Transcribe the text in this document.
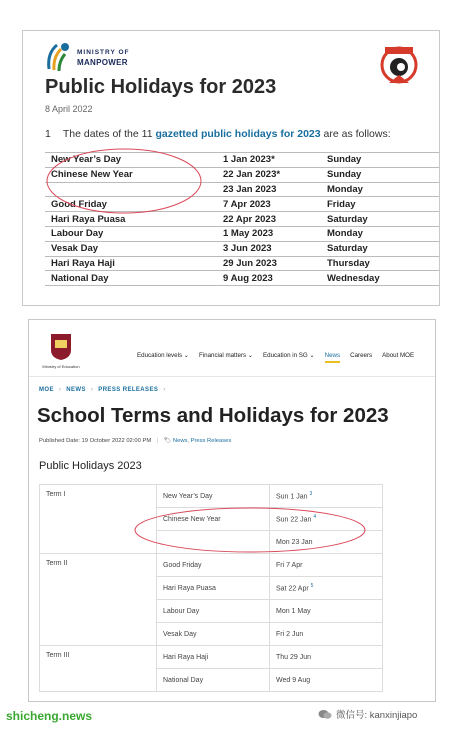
MINISTRY OF
MANPOWER
Public Holidays for 2023
8 April 2022
1 The dates of the 11 gazetted public holidays for 2023 are as follows:
New Year’s Day	1 Jan 2023*	Sunday
Chinese New Year	22 Jan 2023*	Sunday
	23 Jan 2023	Monday
Good Friday	7 Apr 2023	Friday
Hari Raya Puasa	22 Apr 2023	Saturday
Labour Day	1 May 2023	Monday
Vesak Day	3 Jun 2023	Saturday
Hari Raya Haji	29 Jun 2023	Thursday
National Day	9 Aug 2023	Wednesday
Ministry of Education
Education levels ⌄ Financial matters ⌄ Education in SG ⌄ News Careers About MOE
MOE › NEWS › PRESS RELEASES ›
School Terms and Holidays for 2023
Published Date: 19 October 2022 02:00 PM | 🏷 News, Press Releases
Public Holidays 2023
Term I	New Year’s Day	Sun 1 Jan $^3$
	Chinese New Year	Sun 22 Jan $^4$
		Mon 23 Jan
Term II	Good Friday	Fri 7 Apr
	Hari Raya Puasa	Sat 22 Apr $^5$
	Labour Day	Mon 1 May
	Vesak Day	Fri 2 Jun
Term III	Hari Raya Haji	Thu 29 Jun
	National Day	Wed 9 Aug
shicheng.news	微信号: kanxinjiapo
